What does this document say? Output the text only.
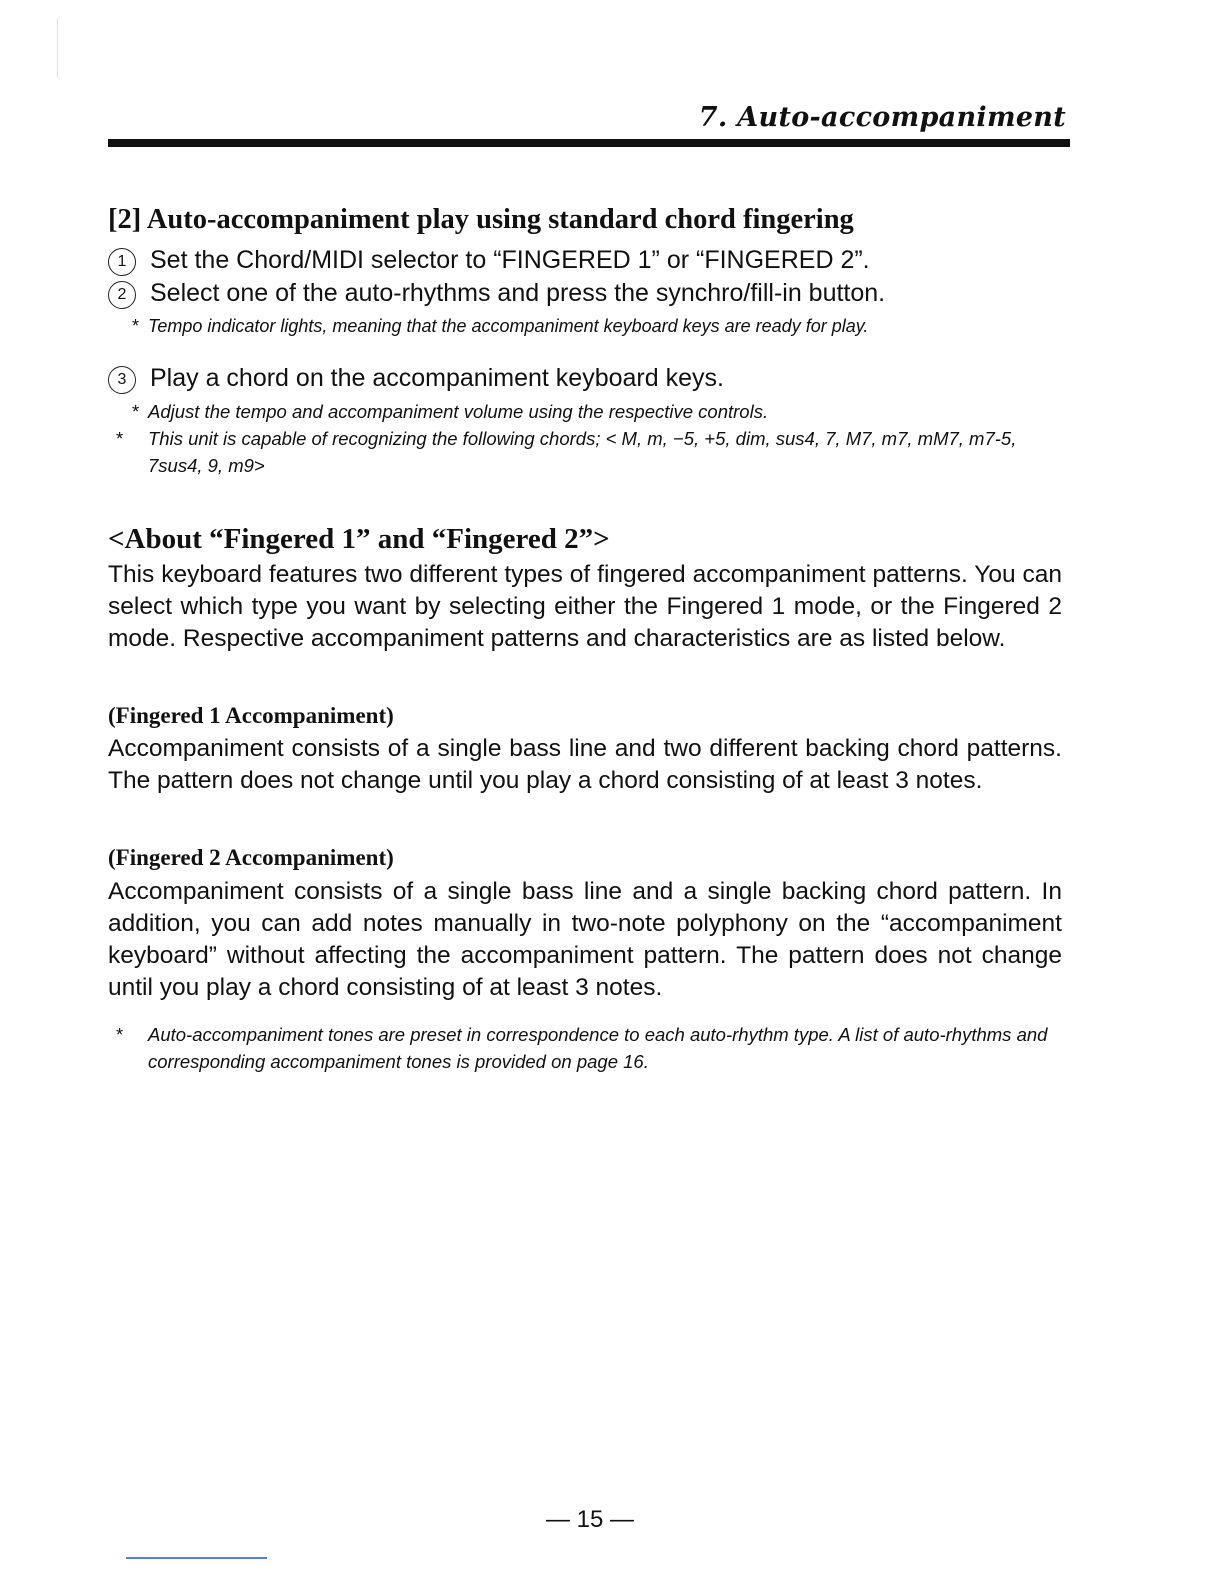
7. Auto-accompaniment
[2] Auto-accompaniment play using standard chord fingering
1 Set the Chord/MIDI selector to “FINGERED 1” or “FINGERED 2”.
2 Select one of the auto-rhythms and press the synchro/fill-in button.
* Tempo indicator lights, meaning that the accompaniment keyboard keys are ready for play.
3 Play a chord on the accompaniment keyboard keys.
* Adjust the tempo and accompaniment volume using the respective controls.
* This unit is capable of recognizing the following chords; < M, m, −5, +5, dim, sus4, 7, M7, m7, mM7, m7-5, 7sus4, 9, m9>
<About “Fingered 1” and “Fingered 2”>
This keyboard features two different types of fingered accompaniment patterns. You can select which type you want by selecting either the Fingered 1 mode, or the Fingered 2 mode. Respective accompaniment patterns and characteristics are as listed below.
(Fingered 1 Accompaniment)
Accompaniment consists of a single bass line and two different backing chord patterns. The pattern does not change until you play a chord consisting of at least 3 notes.
(Fingered 2 Accompaniment)
Accompaniment consists of a single bass line and a single backing chord pattern. In addition, you can add notes manually in two-note polyphony on the “accompaniment keyboard” without affecting the accompaniment pattern. The pattern does not change until you play a chord consisting of at least 3 notes.
* Auto-accompaniment tones are preset in correspondence to each auto-rhythm type. A list of auto-rhythms and corresponding accompaniment tones is provided on page 16.
— 15 —
